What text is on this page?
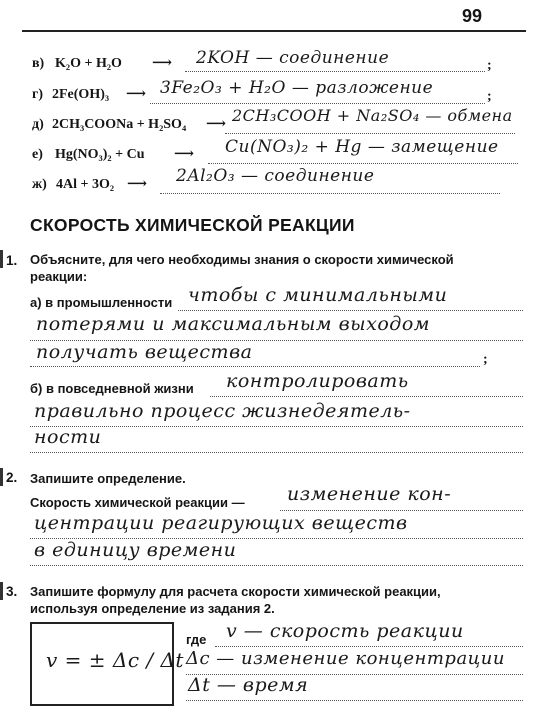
99
в) K₂O + H₂O ⟶ 2KOH — соединение	;
г) 2Fe(OH)₃ ⟶ 3Fe₂O₃ + H₂O — разложение	;
д) 2CH₃COONa + H₂SO₄ ⟶ 2CH₃COOH + Na₂SO₄ — обмена
е) Hg(NO₃)₂ + Cu ⟶ Cu(NO₃)₂ + Hg — замещение
ж) 4Al + 3O₂ ⟶ 2Al₂O₃ — соединение
СКОРОСТЬ ХИМИЧЕСКОЙ РЕАКЦИИ
1. Объясните, для чего необходимы знания о скорости химической реакции:
а) в промышленности чтобы с минимальными
потерями и максимальным выходом
получать вещества	;
б) в повседневной жизни контролировать
правильно процесс жизнедеятель-
ности
2. Запишите определение.
Скорость химической реакции — изменение кон-
центрации реагирующих веществ
в единицу времени
3. Запишите формулу для расчета скорости химической реакции, используя определение из задания 2.
v = ± Δc / Δt
где v — скорость реакции
Δc — изменение концентрации
Δt — время
